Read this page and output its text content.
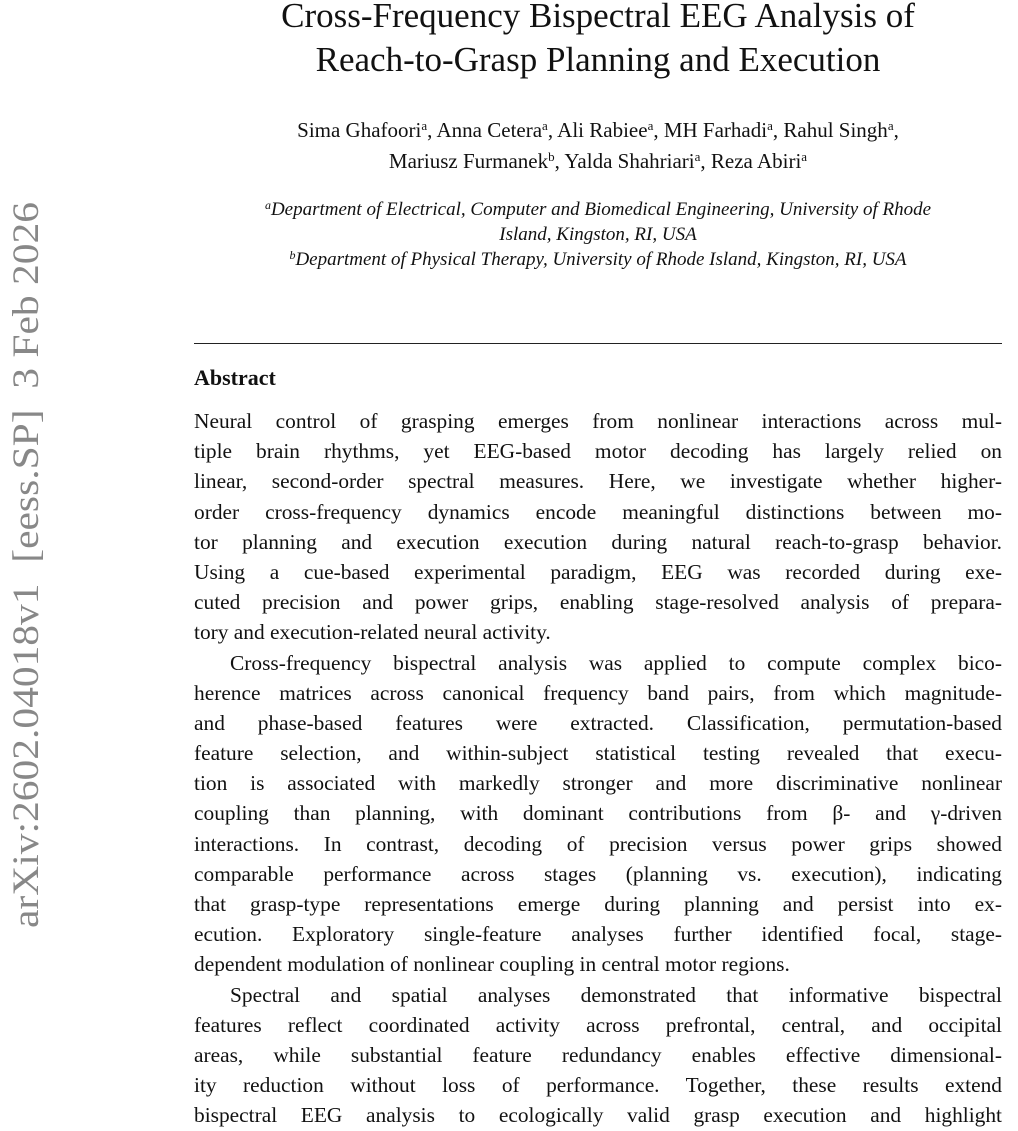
arXiv:2602.04018v1  [eess.SP]  3 Feb 2026
Cross-Frequency Bispectral EEG Analysis of
Reach-to-Grasp Planning and Execution
Sima Ghafoori$^a$, Anna Cetera$^a$, Ali Rabiee$^a$, MH Farhadi$^a$, Rahul Singh$^a$,
Mariusz Furmanek$^b$, Yalda Shahriari$^a$, Reza Abiri$^a$
$^a$Department of Electrical, Computer and Biomedical Engineering, University of Rhode
Island, Kingston, RI, USA
$^b$Department of Physical Therapy, University of Rhode Island, Kingston, RI, USA
Abstract
Neural control of grasping emerges from nonlinear interactions across mul-
tiple brain rhythms, yet EEG-based motor decoding has largely relied on
linear, second-order spectral measures. Here, we investigate whether higher-
order cross-frequency dynamics encode meaningful distinctions between mo-
tor planning and execution execution during natural reach-to-grasp behavior.
Using a cue-based experimental paradigm, EEG was recorded during exe-
cuted precision and power grips, enabling stage-resolved analysis of prepara-
tory and execution-related neural activity.
Cross-frequency bispectral analysis was applied to compute complex bico-
herence matrices across canonical frequency band pairs, from which magnitude-
and phase-based features were extracted. Classification, permutation-based
feature selection, and within-subject statistical testing revealed that execu-
tion is associated with markedly stronger and more discriminative nonlinear
coupling than planning, with dominant contributions from β- and γ-driven
interactions. In contrast, decoding of precision versus power grips showed
comparable performance across stages (planning vs. execution), indicating
that grasp-type representations emerge during planning and persist into ex-
ecution. Exploratory single-feature analyses further identified focal, stage-
dependent modulation of nonlinear coupling in central motor regions.
Spectral and spatial analyses demonstrated that informative bispectral
features reflect coordinated activity across prefrontal, central, and occipital
areas, while substantial feature redundancy enables effective dimensional-
ity reduction without loss of performance. Together, these results extend
bispectral EEG analysis to ecologically valid grasp execution and highlight
